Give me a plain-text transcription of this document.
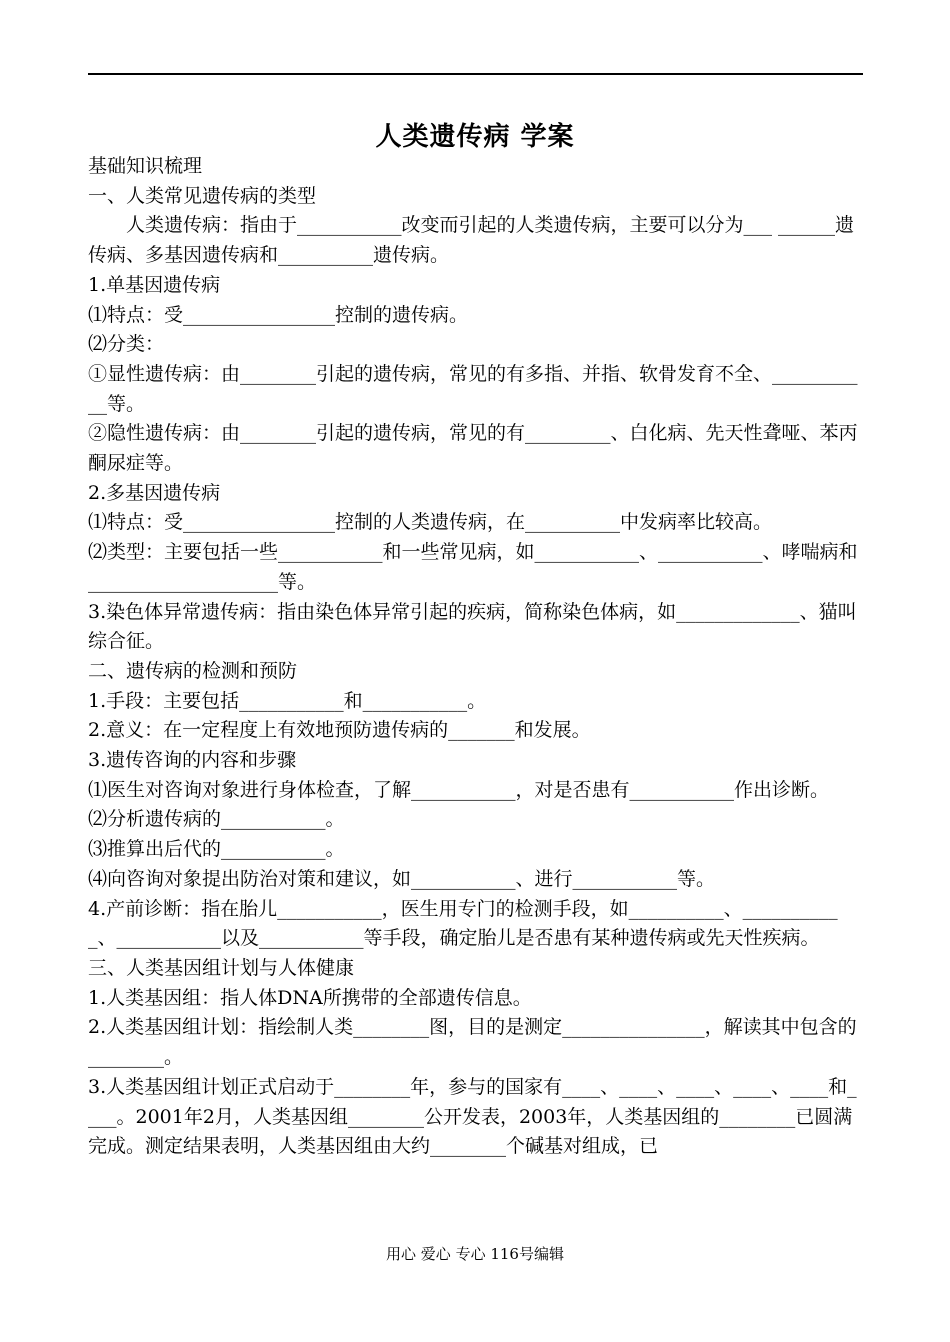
人类遗传病 学案

基础知识梳理

一、人类常见遗传病的类型

人类遗传病：指由于___________改变而引起的人类遗传病，主要可以分为___ ______遗传病、多基因遗传病和__________遗传病。

1.单基因遗传病

⑴特点：受________________控制的遗传病。

⑵分类：

①显性遗传病：由________引起的遗传病，常见的有多指、并指、软骨发育不全、___________等。

②隐性遗传病：由________引起的遗传病，常见的有_________、白化病、先天性聋哑、苯丙酮尿症等。

2.多基因遗传病

⑴特点：受________________控制的人类遗传病，在__________中发病率比较高。

⑵类型：主要包括一些___________和一些常见病，如___________、___________、哮喘病和____________________等。

3.染色体异常遗传病：指由染色体异常引起的疾病，简称染色体病，如_____________、猫叫综合征。

二、遗传病的检测和预防

1.手段：主要包括___________和___________。

2.意义：在一定程度上有效地预防遗传病的_______和发展。

3.遗传咨询的内容和步骤

⑴医生对咨询对象进行身体检查，了解___________，对是否患有___________作出诊断。

⑵分析遗传病的___________。

⑶推算出后代的___________。

⑷向咨询对象提出防治对策和建议，如___________、进行___________等。

4.产前诊断：指在胎儿___________，医生用专门的检测手段，如__________、___________、___________以及___________等手段，确定胎儿是否患有某种遗传病或先天性疾病。

三、人类基因组计划与人体健康

1.人类基因组：指人体DNA所携带的全部遗传信息。

2.人类基因组计划：指绘制人类________图，目的是测定_______________，解读其中包含的________。

3.人类基因组计划正式启动于________年，参与的国家有____、____、____、____、____和____。2001年2月，人类基因组________公开发表，2003年，人类基因组的________已圆满完成。测定结果表明，人类基因组由大约________个碱基对组成，已

用心 爱心 专心 116号编辑
